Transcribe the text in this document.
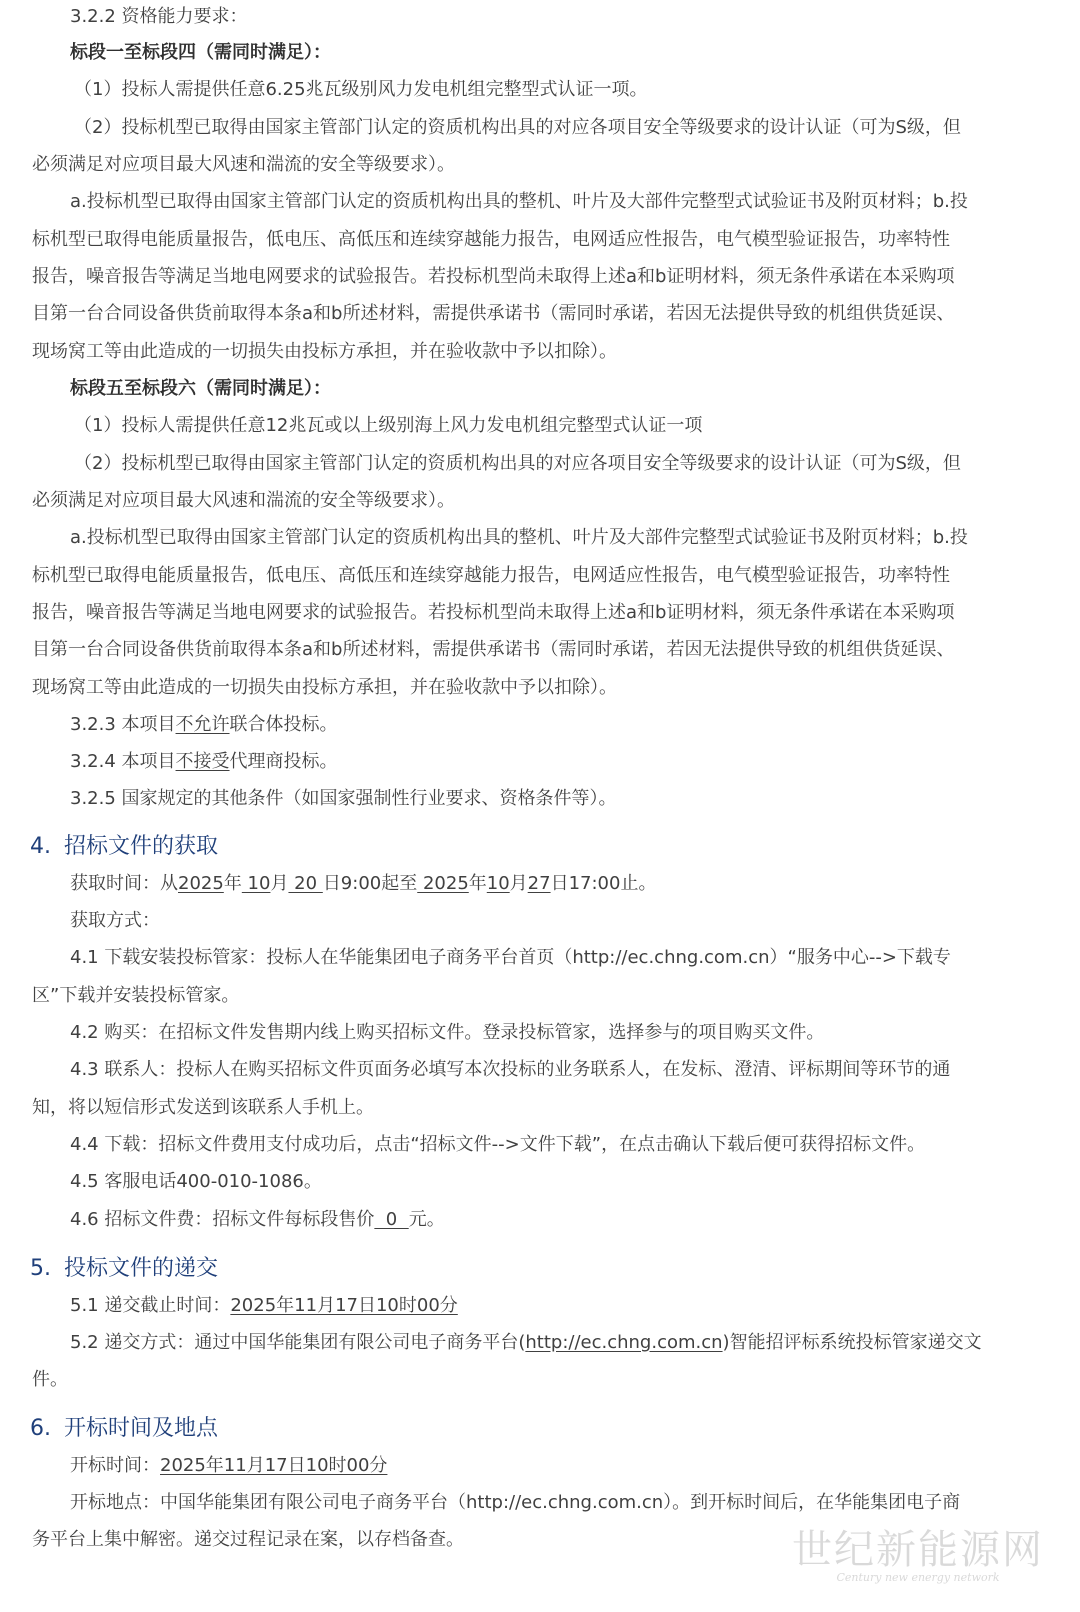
3.2.2 资格能力要求：
标段一至标段四（需同时满足）：
（1）投标人需提供任意6.25兆瓦级别风力发电机组完整型式认证一项。
（2）投标机型已取得由国家主管部门认定的资质机构出具的对应各项目安全等级要求的设计认证（可为S级，但
必须满足对应项目最大风速和湍流的安全等级要求）。
a.投标机型已取得由国家主管部门认定的资质机构出具的整机、叶片及大部件完整型式试验证书及附页材料；b.投
标机型已取得电能质量报告，低电压、高低压和连续穿越能力报告，电网适应性报告，电气模型验证报告，功率特性
报告，噪音报告等满足当地电网要求的试验报告。若投标机型尚未取得上述a和b证明材料，须无条件承诺在本采购项
目第一台合同设备供货前取得本条a和b所述材料，需提供承诺书（需同时承诺，若因无法提供导致的机组供货延误、
现场窝工等由此造成的一切损失由投标方承担，并在验收款中予以扣除）。
标段五至标段六（需同时满足）：
（1）投标人需提供任意12兆瓦或以上级别海上风力发电机组完整型式认证一项
（2）投标机型已取得由国家主管部门认定的资质机构出具的对应各项目安全等级要求的设计认证（可为S级，但
必须满足对应项目最大风速和湍流的安全等级要求）。
a.投标机型已取得由国家主管部门认定的资质机构出具的整机、叶片及大部件完整型式试验证书及附页材料；b.投
标机型已取得电能质量报告，低电压、高低压和连续穿越能力报告，电网适应性报告，电气模型验证报告，功率特性
报告，噪音报告等满足当地电网要求的试验报告。若投标机型尚未取得上述a和b证明材料，须无条件承诺在本采购项
目第一台合同设备供货前取得本条a和b所述材料，需提供承诺书（需同时承诺，若因无法提供导致的机组供货延误、
现场窝工等由此造成的一切损失由投标方承担，并在验收款中予以扣除）。
3.2.3 本项目不允许联合体投标。
3.2.4 本项目不接受代理商投标。
3.2.5 国家规定的其他条件（如国家强制性行业要求、资格条件等）。
4. 招标文件的获取
获取时间：从2025年 10月 20 日9:00起至 2025年10月27日17:00止。
获取方式：
4.1 下载安装投标管家：投标人在华能集团电子商务平台首页（http://ec.chng.com.cn）“服务中心-->下载专
区”下载并安装投标管家。
4.2 购买：在招标文件发售期内线上购买招标文件。登录投标管家，选择参与的项目购买文件。
4.3 联系人：投标人在购买招标文件页面务必填写本次投标的业务联系人，在发标、澄清、评标期间等环节的通
知，将以短信形式发送到该联系人手机上。
4.4 下载：招标文件费用支付成功后，点击“招标文件-->文件下载”，在点击确认下载后便可获得招标文件。
4.5 客服电话400-010-1086。
4.6 招标文件费：招标文件每标段售价  0  元。
5. 投标文件的递交
5.1 递交截止时间：2025年11月17日10时00分
5.2 递交方式：通过中国华能集团有限公司电子商务平台(http://ec.chng.com.cn)智能招评标系统投标管家递交文
件。
6. 开标时间及地点
开标时间：2025年11月17日10时00分
开标地点：中国华能集团有限公司电子商务平台（http://ec.chng.com.cn）。到开标时间后，在华能集团电子商
务平台上集中解密。递交过程记录在案，以存档备查。	世纪新能源网
Century new energy network
